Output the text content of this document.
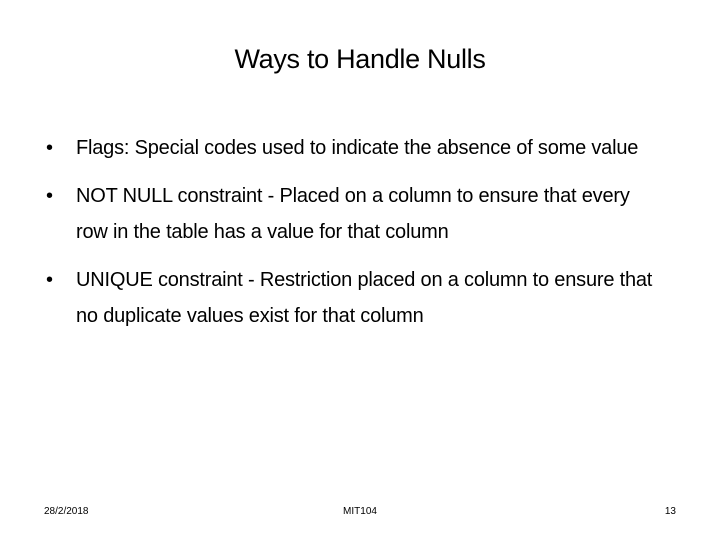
Ways to Handle Nulls
• Flags: Special codes used to indicate the absence of some value
• NOT NULL constraint - Placed on a column to ensure that every row in the table has a value for that column
• UNIQUE constraint - Restriction placed on a column to ensure that no duplicate values exist for that column
28/2/2018	MIT104	13
